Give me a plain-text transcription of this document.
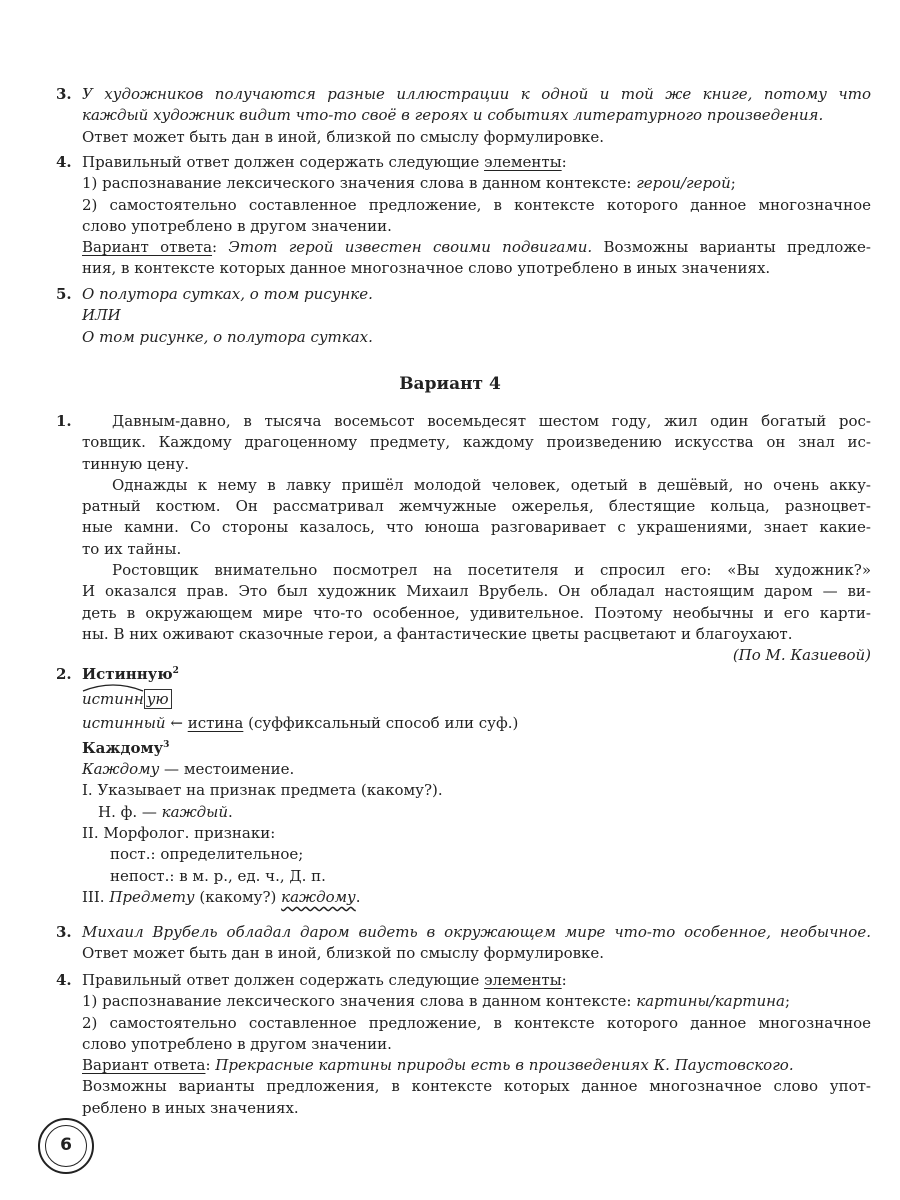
3. У художников получаются разные иллюстрации к одной и той же книге, потому что
каждый художник видит что-то своё в героях и событиях литературного произведения.
Ответ может быть дан в иной, близкой по смыслу формулировке.
4. Правильный ответ должен содержать следующие элементы:
1) распознавание лексического значения слова в данном контексте: герои/герой;
2) самостоятельно составленное предложение, в контексте которого данное многозначное
слово употреблено в другом значении.
Вариант ответа: Этот герой известен своими подвигами. Возможны варианты предложе-
ния, в контексте которых данное многозначное слово употреблено в иных значениях.
5. О полутора сутках, о том рисунке.
ИЛИ
О том рисунке, о полутора сутках.
Вариант 4
1.	Давным-давно, в тысяча восемьсот восемьдесят шестом году, жил один богатый рос-
товщик. Каждому драгоценному предмету, каждому произведению искусства он знал ис-
тинную цену.
Однажды к нему в лавку пришёл молодой человек, одетый в дешёвый, но очень акку-
ратный костюм. Он рассматривал жемчужные ожерелья, блестящие кольца, разноцвет-
ные камни. Со стороны казалось, что юноша разговаривает с украшениями, знает какие-
то их тайны.
Ростовщик внимательно посмотрел на посетителя и спросил его: «Вы художник?»
И оказался прав. Это был художник Михаил Врубель. Он обладал настоящим даром — ви-
деть в окружающем мире что-то особенное, удивительное. Поэтому необычны и его карти-
ны. В них оживают сказочные герои, а фантастические цветы расцветают и благоухают.
(По М. Казиевой)
2. Истинную$^2$
истинн ую
истинный ← истина (суффиксальный способ или суф.)
Каждому$^3$
Каждому — местоимение.
I. Указывает на признак предмета (какому?).
Н. ф. — каждый.
II. Морфолог. признаки:
пост.: определительное;
непост.: в м. р., ед. ч., Д. п.
III. Предмету (какому?) каждому.
3. Михаил Врубель обладал даром видеть в окружающем мире что-то особенное, необычное.
Ответ может быть дан в иной, близкой по смыслу формулировке.
4. Правильный ответ должен содержать следующие элементы:
1) распознавание лексического значения слова в данном контексте: картины/картина;
2) самостоятельно составленное предложение, в контексте которого данное многозначное
слово употреблено в другом значении.
Вариант ответа: Прекрасные картины природы есть в произведениях К. Паустовского.
Возможны варианты предложения, в контексте которых данное многозначное слово упот-
реблено в иных значениях.
6
